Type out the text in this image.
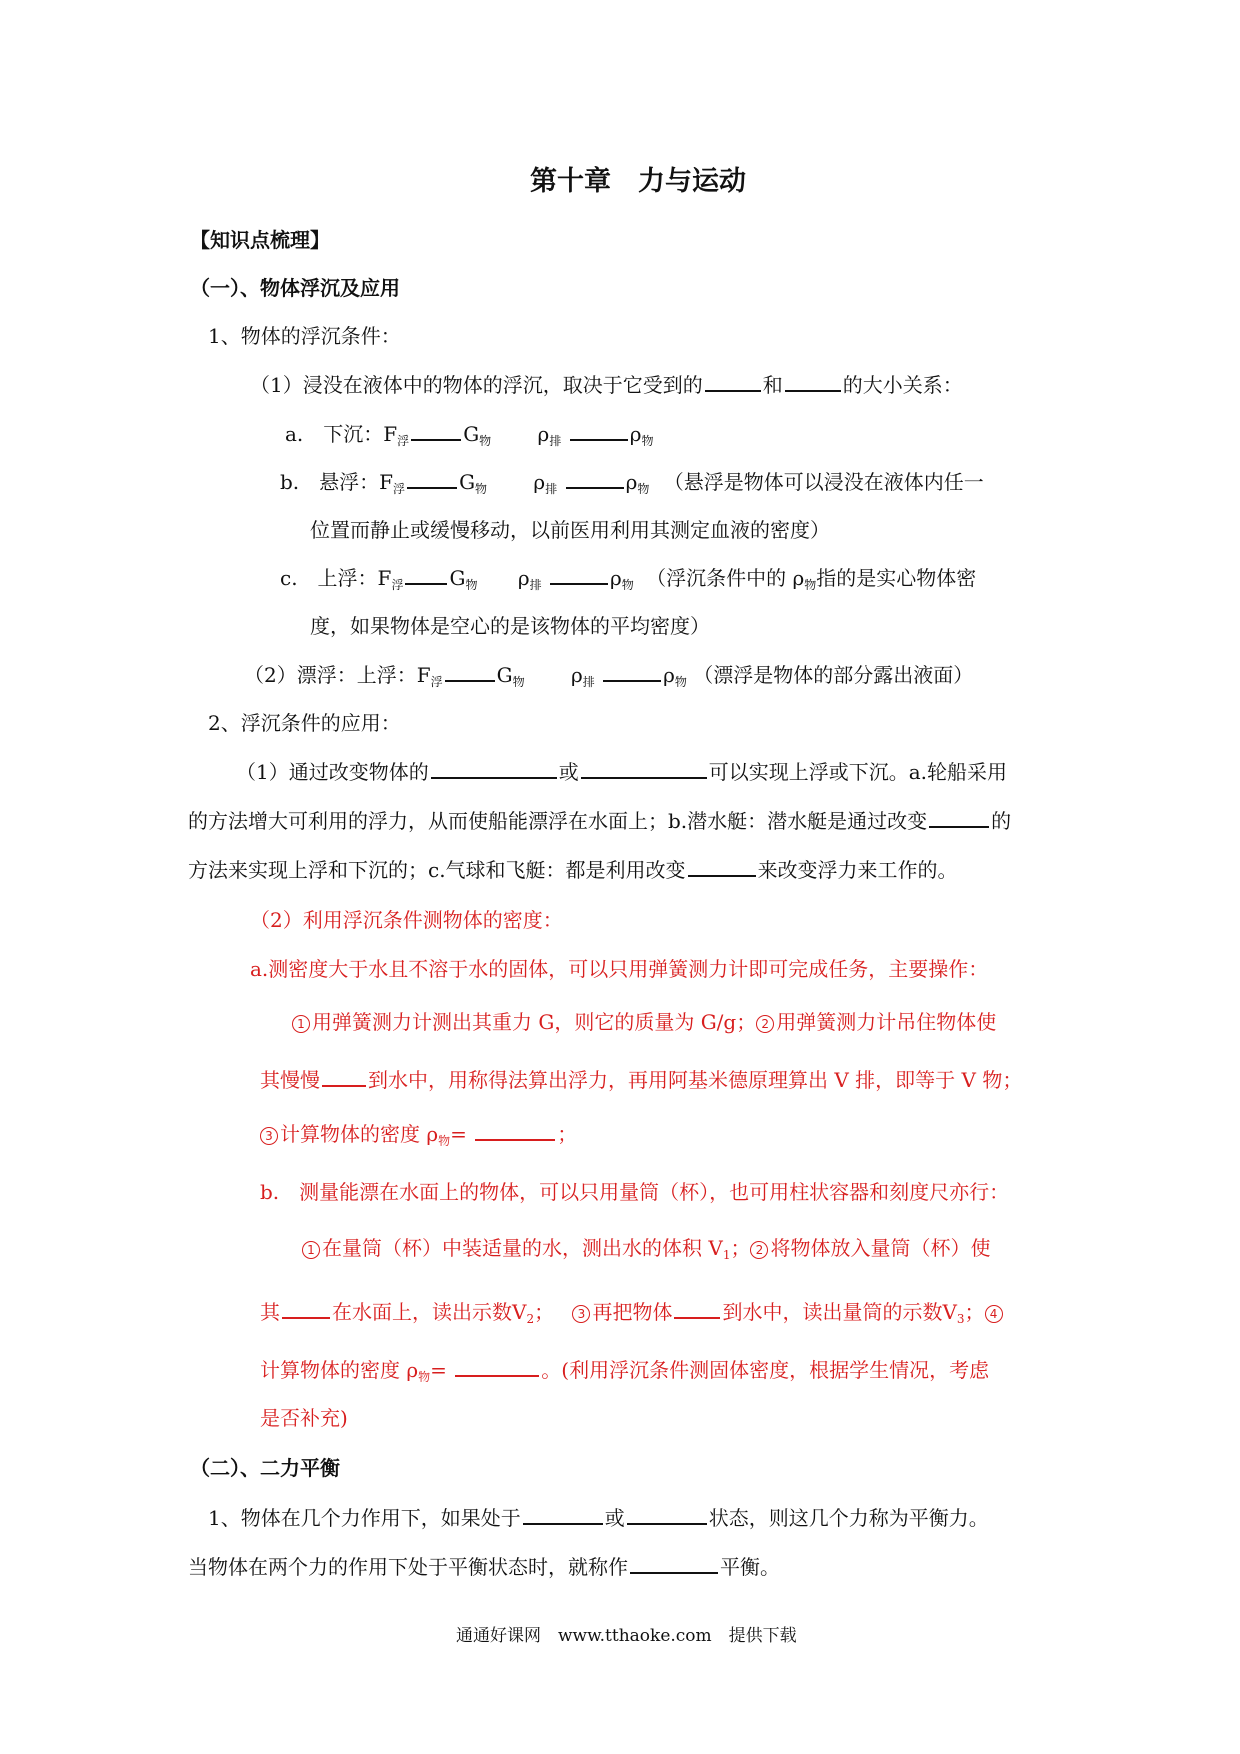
第十章　力与运动
【知识点梳理】
（一）、物体浮沉及应用
1、物体的浮沉条件：
（1）浸没在液体中的物体的浮沉，取决于它受到的	和	的大小关系：
a.　下沉：$F_浮$	$G_物$ $\rho_排$	$\rho_物$
b.　悬浮：$F_浮$	$G_物$ $\rho_排$	$\rho_物$ （悬浮是物体可以浸没在液体内任一
位置而静止或缓慢移动，以前医用利用其测定血液的密度）
c.　上浮：$F_浮$ $G_物$ $\rho_排$	$\rho_物$ （浮沉条件中的 $\rho_物$指的是实心物体密
度，如果物体是空心的是该物体的平均密度）
（2）漂浮：上浮：$F_浮$	$G_物$ $\rho_排$	$\rho_物$ （漂浮是物体的部分露出液面）
2、浮沉条件的应用：
（1）通过改变物体的	或	可以实现上浮或下沉。a.轮船采用
的方法增大可利用的浮力，从而使船能漂浮在水面上；b.潜水艇：潜水艇是通过改变	的
方法来实现上浮和下沉的；c.气球和飞艇：都是利用改变	来改变浮力来工作的。
（2）利用浮沉条件测物体的密度：
a.测密度大于水且不溶于水的固体，可以只用弹簧测力计即可完成任务，主要操作：
1 用弹簧测力计测出其重力 G，则它的质量为 G/g； 2 用弹簧测力计吊住物体使
其慢慢 到水中，用称得法算出浮力，再用阿基米德原理算出 V 排，即等于 V 物；
3 计算物体的密度 $\rho_物=$	；
b.　测量能漂在水面上的物体，可以只用量筒（杯），也可用柱状容器和刻度尺亦行：
1 在量筒（杯）中装适量的水，测出水的体积 $V_1$； 2 将物体放入量筒（杯）使
其	在水面上，读出示数$V_2$； 3 再把物体	到水中，读出量筒的示数$V_3$； 4
计算物体的密度 $\rho_物=$	。(利用浮沉条件测固体密度，根据学生情况，考虑
是否补充)
（二）、二力平衡
1、物体在几个力作用下，如果处于	或	状态，则这几个力称为平衡力。
当物体在两个力的作用下处于平衡状态时，就称作	平衡。
通通好课网　www.tthaoke.com　提供下载
